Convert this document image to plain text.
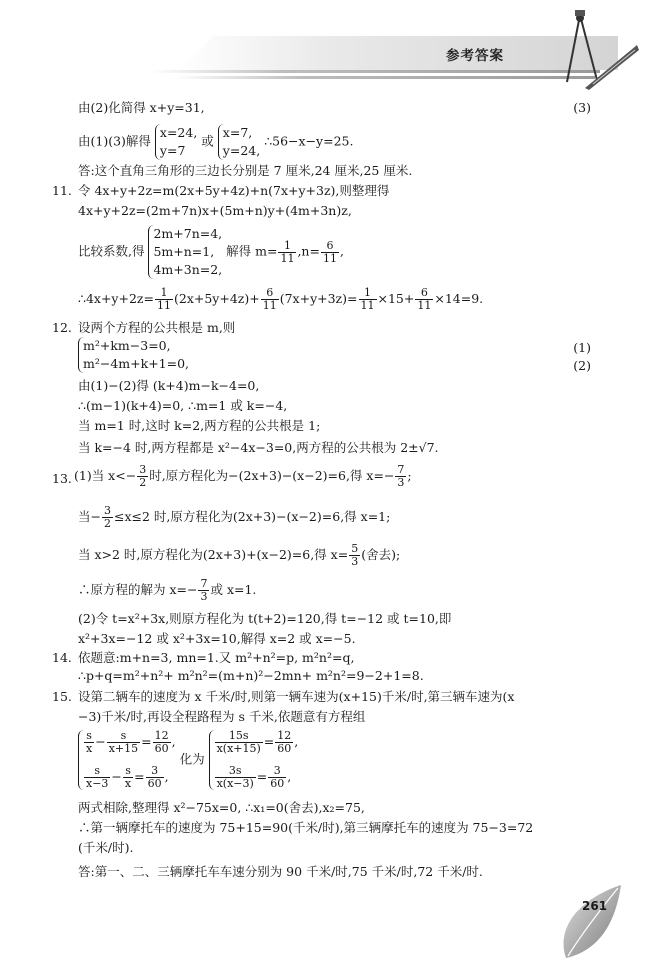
参考答案
由(2)化简得 x+y=31,	(3)
由(1)(3)解得
x=24,
y=7
或
x=7,
y=24,
∴56−x−y=25.
答:这个直角三角形的三边长分别是 7 厘米,24 厘米,25 厘米.
11. 令 4x+y+2z=m(2x+5y+4z)+n(7x+y+3z),则整理得
4x+y+2z=(2m+7n)x+(5m+n)y+(4m+3n)z,
比较系数,得
2m+7n=4,
5m+n=1,
4m+3n=2,
解得 $m= \frac{1}{11} ,n= \frac{6}{11}$ ,
∴4x+y+2z= $\frac{1}{11} (2x+5y+4z)+ \frac{6}{11} (7x+y+3z)= \frac{1}{11} \times 15+ \frac{6}{11} \times 14=9$.
12. 设两个方程的公共根是 m,则
m²+km−3=0,
m²−4m+k+1=0,
(1)
(2)
由(1)−(2)得 (k+4)m−k−4=0,
∴(m−1)(k+4)=0, ∴m=1 或 k=−4,
当 m=1 时,这时 k=2,两方程的公共根是 1;
当 k=−4 时,两方程都是 x²−4x−3=0,两方程的公共根为 2±√7.
13. (1)当 $x<- \frac{3}{2}$ 时,原方程化为−(2x+3)−(x−2)=6,得 $x=- \frac{7}{3}$ ;
当− $\frac{3}{2} \le x\le 2$ 时,原方程化为(2x+3)−(x−2)=6,得 x=1;
当 x>2 时,原方程化为(2x+3)+(x−2)=6,得 $x= \frac{5}{3}$ (舍去);
∴原方程的解为 $x=- \frac{7}{3}$ 或 x=1.
(2)令 t=x²+3x,则原方程化为 t(t+2)=120,得 t=−12 或 t=10,即
x²+3x=−12 或 x²+3x=10,解得 x=2 或 x=−5.
14. 依题意:m+n=3, mn=1.又 m²+n²=p, m²n²=q,
∴p+q=m²+n²+ m²n²=(m+n)²−2mn+ m²n²=9−2+1=8.
15. 设第二辆车的速度为 x 千米/时,则第一辆车速为(x+15)千米/时,第三辆车速为(x
−3)千米/时,再设全程路程为 s 千米,依题意有方程组
$\frac{s}{x} - \frac{s}{x+15} = \frac{12}{60}$ ,
$\frac{s}{x-3} - \frac{s}{x} = \frac{3}{60}$ ,
化为
$\frac{15s}{x(x+15)} = \frac{12}{60}$ ,
$\frac{3s}{x(x-3)} = \frac{3}{60}$ ,
两式相除,整理得 x²−75x=0, ∴x₁=0(舍去),x₂=75,
∴第一辆摩托车的速度为 75+15=90(千米/时),第三辆摩托车的速度为 75−3=72
(千米/时).
答:第一、二、三辆摩托车车速分别为 90 千米/时,75 千米/时,72 千米/时.
261
